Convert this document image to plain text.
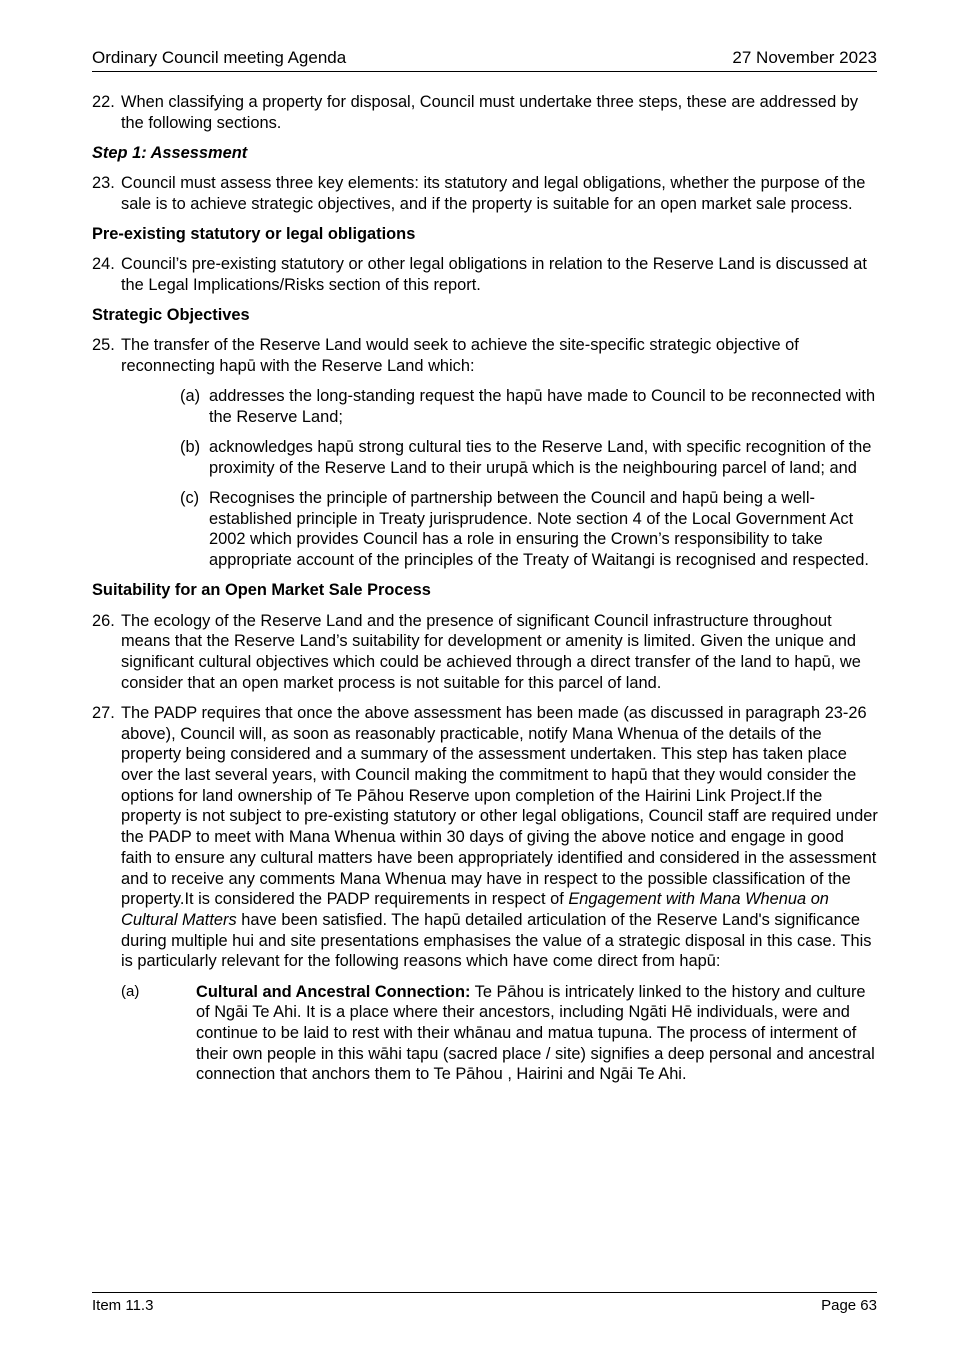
Ordinary Council meeting Agenda	27 November 2023
22. When classifying a property for disposal, Council must undertake three steps, these are addressed by the following sections.
Step 1: Assessment
23. Council must assess three key elements: its statutory and legal obligations, whether the purpose of the sale is to achieve strategic objectives, and if the property is suitable for an open market sale process.
Pre-existing statutory or legal obligations
24. Council’s pre-existing statutory or other legal obligations in relation to the Reserve Land is discussed at the Legal Implications/Risks section of this report.
Strategic Objectives
25. The transfer of the Reserve Land would seek to achieve the site-specific strategic objective of reconnecting hapū with the Reserve Land which:
(a) addresses the long-standing request the hapū have made to Council to be reconnected with the Reserve Land;
(b) acknowledges hapū strong cultural ties to the Reserve Land, with specific recognition of the proximity of the Reserve Land to their urupā which is the neighbouring parcel of land; and
(c) Recognises the principle of partnership between the Council and hapū being a well-established principle in Treaty jurisprudence. Note section 4 of the Local Government Act 2002 which provides Council has a role in ensuring the Crown’s responsibility to take appropriate account of the principles of the Treaty of Waitangi is recognised and respected.
Suitability for an Open Market Sale Process
26. The ecology of the Reserve Land and the presence of significant Council infrastructure throughout means that the Reserve Land’s suitability for development or amenity is limited. Given the unique and significant cultural objectives which could be achieved through a direct transfer of the land to hapū, we consider that an open market process is not suitable for this parcel of land.
27. The PADP requires that once the above assessment has been made (as discussed in paragraph 23-26 above), Council will, as soon as reasonably practicable, notify Mana Whenua of the details of the property being considered and a summary of the assessment undertaken. This step has taken place over the last several years, with Council making the commitment to hapū that they would consider the options for land ownership of Te Pāhou Reserve upon completion of the Hairini Link Project.If the property is not subject to pre-existing statutory or other legal obligations, Council staff are required under the PADP to meet with Mana Whenua within 30 days of giving the above notice and engage in good faith to ensure any cultural matters have been appropriately identified and considered in the assessment and to receive any comments Mana Whenua may have in respect to the possible classification of the property.It is considered the PADP requirements in respect of Engagement with Mana Whenua on Cultural Matters have been satisfied. The hapū detailed articulation of the Reserve Land's significance during multiple hui and site presentations emphasises the value of a strategic disposal in this case. This is particularly relevant for the following reasons which have come direct from hapū:
(a)	Cultural and Ancestral Connection: Te Pāhou is intricately linked to the history and culture of Ngāi Te Ahi. It is a place where their ancestors, including Ngāti Hē individuals, were and continue to be laid to rest with their whānau and matua tupuna. The process of interment of their own people in this wāhi tapu (sacred place / site) signifies a deep personal and ancestral connection that anchors them to Te Pāhou , Hairini and Ngāi Te Ahi.
Item 11.3	Page 63
